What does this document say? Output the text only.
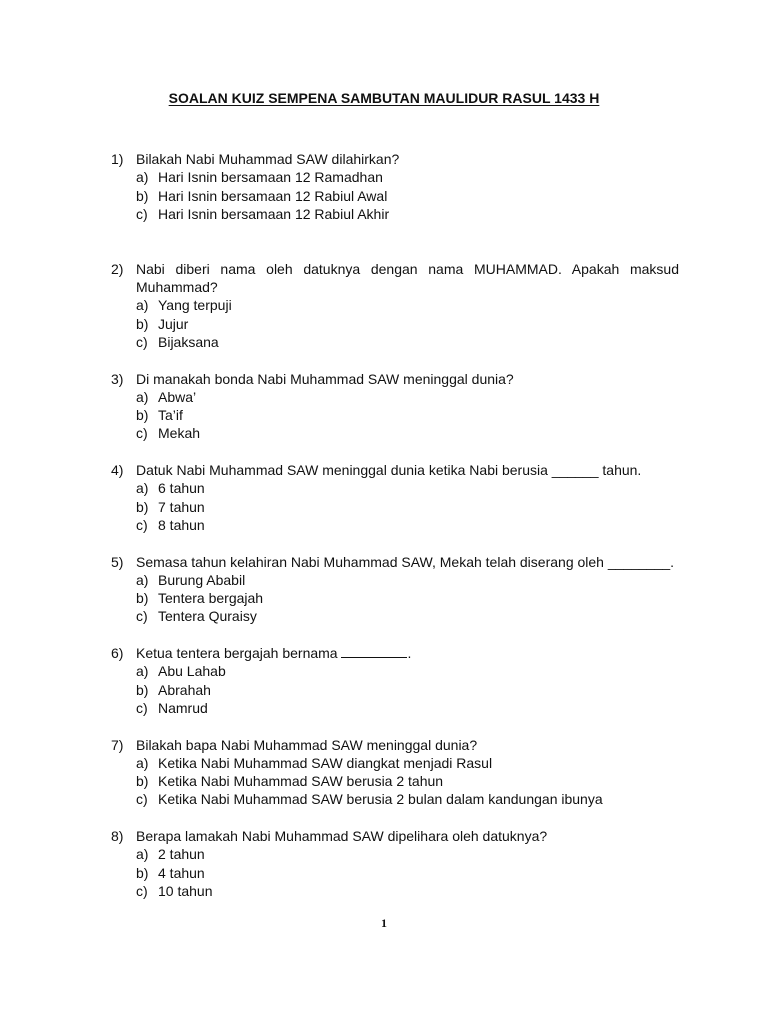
SOALAN KUIZ SEMPENA SAMBUTAN MAULIDUR RASUL 1433 H
1) Bilakah Nabi Muhammad SAW dilahirkan?
a) Hari Isnin bersamaan 12 Ramadhan
b) Hari Isnin bersamaan 12 Rabiul Awal
c) Hari Isnin bersamaan 12 Rabiul Akhir
2) Nabi diberi nama oleh datuknya dengan nama MUHAMMAD. Apakah maksud Muhammad?
a) Yang terpuji
b) Jujur
c) Bijaksana
3) Di manakah bonda Nabi Muhammad SAW meninggal dunia?
a) Abwa’
b) Ta’if
c) Mekah
4) Datuk Nabi Muhammad SAW meninggal dunia ketika Nabi berusia ______ tahun.
a) 6 tahun
b) 7 tahun
c) 8 tahun
5) Semasa tahun kelahiran Nabi Muhammad SAW, Mekah telah diserang oleh ________.
a) Burung Ababil
b) Tentera bergajah
c) Tentera Quraisy
6) Ketua tentera bergajah bernama	.
a) Abu Lahab
b) Abrahah
c) Namrud
7) Bilakah bapa Nabi Muhammad SAW meninggal dunia?
a) Ketika Nabi Muhammad SAW diangkat menjadi Rasul
b) Ketika Nabi Muhammad SAW berusia 2 tahun
c) Ketika Nabi Muhammad SAW berusia 2 bulan dalam kandungan ibunya
8) Berapa lamakah Nabi Muhammad SAW dipelihara oleh datuknya?
a) 2 tahun
b) 4 tahun
c) 10 tahun
1
